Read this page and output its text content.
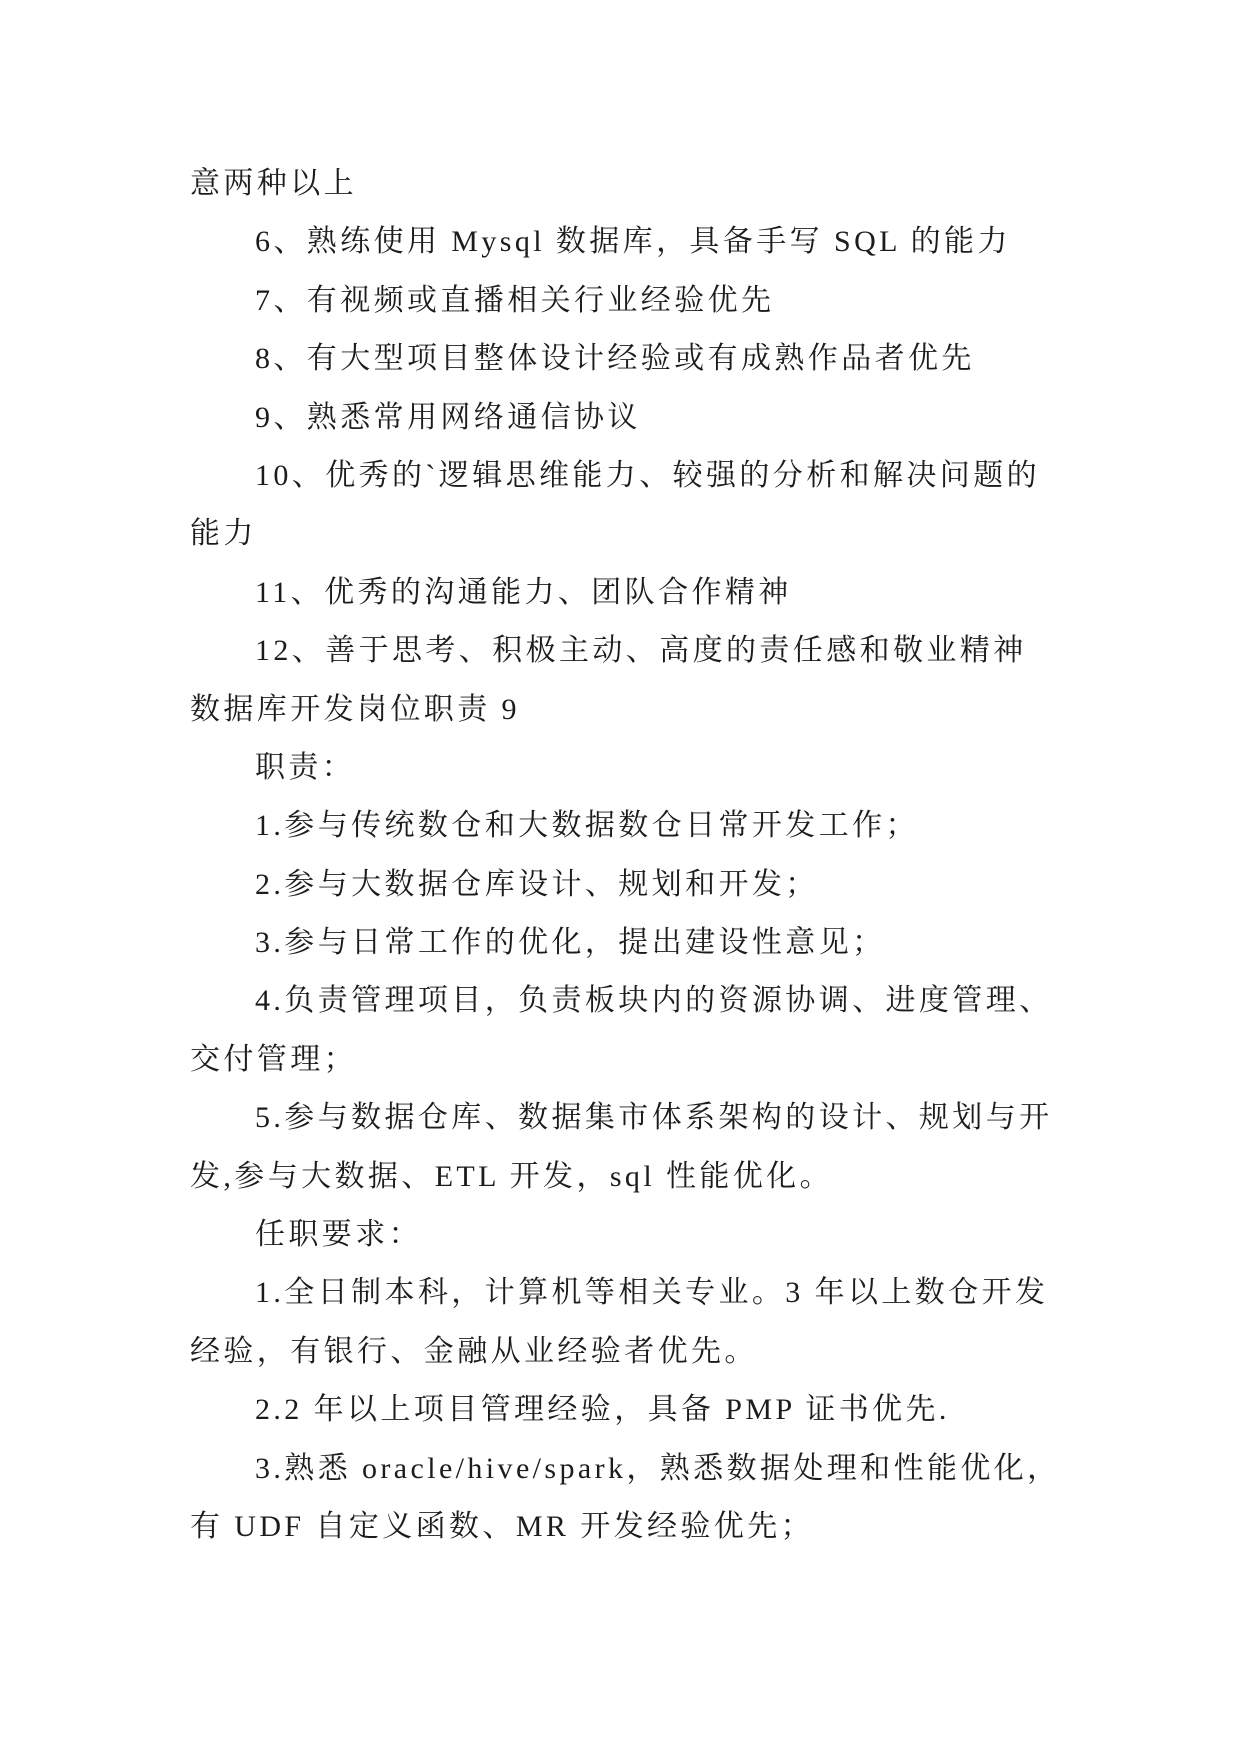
意两种以上
6、熟练使用 Mysql 数据库，具备手写 SQL 的能力
7、有视频或直播相关行业经验优先
8、有大型项目整体设计经验或有成熟作品者优先
9、熟悉常用网络通信协议
10、优秀的`逻辑思维能力、较强的分析和解决问题的
能力
11、优秀的沟通能力、团队合作精神
12、善于思考、积极主动、高度的责任感和敬业精神
数据库开发岗位职责 9
职责：
1.参与传统数仓和大数据数仓日常开发工作；
2.参与大数据仓库设计、规划和开发；
3.参与日常工作的优化，提出建设性意见；
4.负责管理项目，负责板块内的资源协调、进度管理、
交付管理；
5.参与数据仓库、数据集市体系架构的设计、规划与开
发,参与大数据、ETL 开发，sql 性能优化。
任职要求：
1.全日制本科，计算机等相关专业。3 年以上数仓开发
经验，有银行、金融从业经验者优先。
2.2 年以上项目管理经验，具备 PMP 证书优先.
3.熟悉 oracle/hive/spark，熟悉数据处理和性能优化，
有 UDF 自定义函数、MR 开发经验优先；
